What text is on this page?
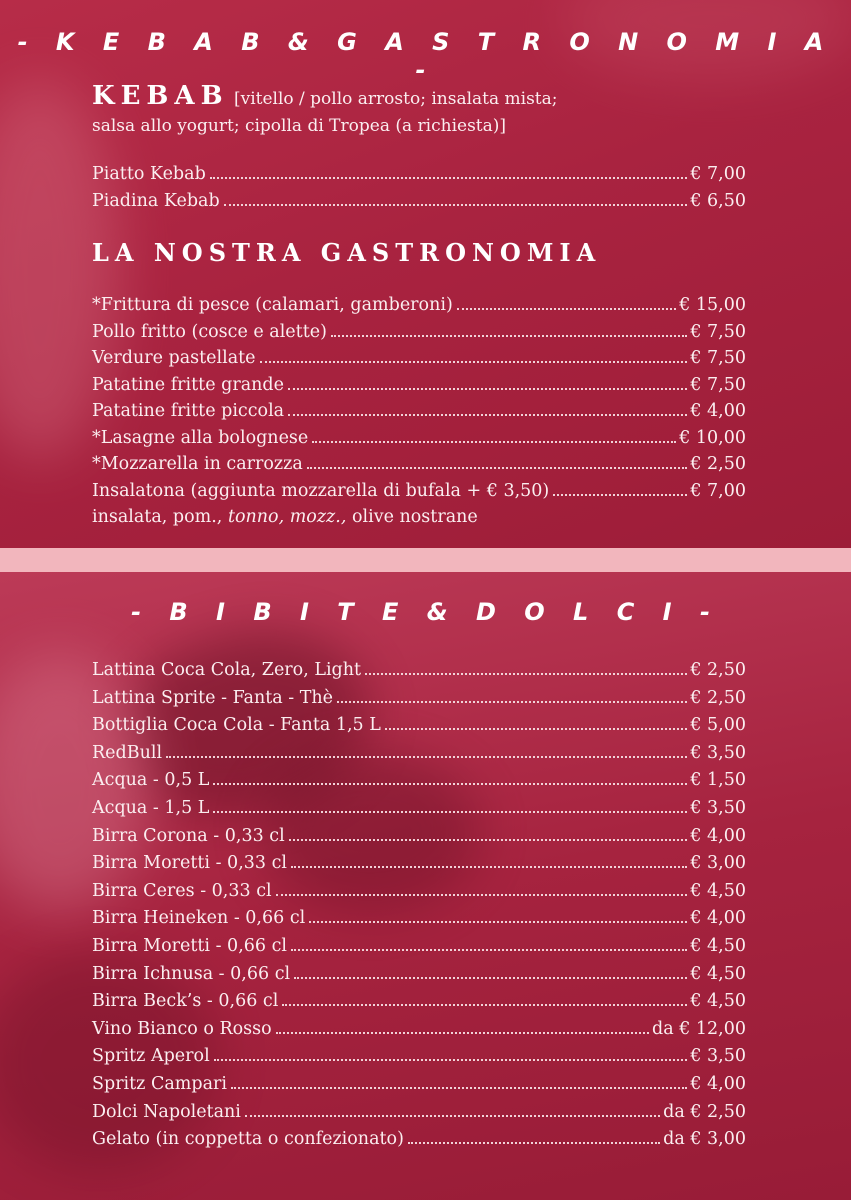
- K E B A B & G A S T R O N O M I A -
KEBAB [vitello / pollo arrosto; insalata mista;
salsa allo yogurt; cipolla di Tropea (a richiesta)]
Piatto Kebab	€ 7,00
Piadina Kebab	€ 6,50
LA NOSTRA GASTRONOMIA
*Frittura di pesce (calamari, gamberoni)	€ 15,00
Pollo fritto (cosce e alette)	€ 7,50
Verdure pastellate	€ 7,50
Patatine fritte grande	€ 7,50
Patatine fritte piccola	€ 4,00
*Lasagne alla bolognese	€ 10,00
*Mozzarella in carrozza	€ 2,50
Insalatona (aggiunta mozzarella di bufala + € 3,50)	€ 7,00
insalata, pom., tonno, mozz., olive nostrane
- B I B I T E & D O L C I -
Lattina Coca Cola, Zero, Light	€ 2,50
Lattina Sprite - Fanta - Thè	€ 2,50
Bottiglia Coca Cola - Fanta 1,5 L	€ 5,00
RedBull	€ 3,50
Acqua - 0,5 L	€ 1,50
Acqua - 1,5 L	€ 3,50
Birra Corona - 0,33 cl	€ 4,00
Birra Moretti - 0,33 cl	€ 3,00
Birra Ceres - 0,33 cl	€ 4,50
Birra Heineken - 0,66 cl	€ 4,00
Birra Moretti - 0,66 cl	€ 4,50
Birra Ichnusa - 0,66 cl	€ 4,50
Birra Beck’s - 0,66 cl	€ 4,50
Vino Bianco o Rosso	da € 12,00
Spritz Aperol	€ 3,50
Spritz Campari	€ 4,00
Dolci Napoletani	da € 2,50
Gelato (in coppetta o confezionato)	da € 3,00
